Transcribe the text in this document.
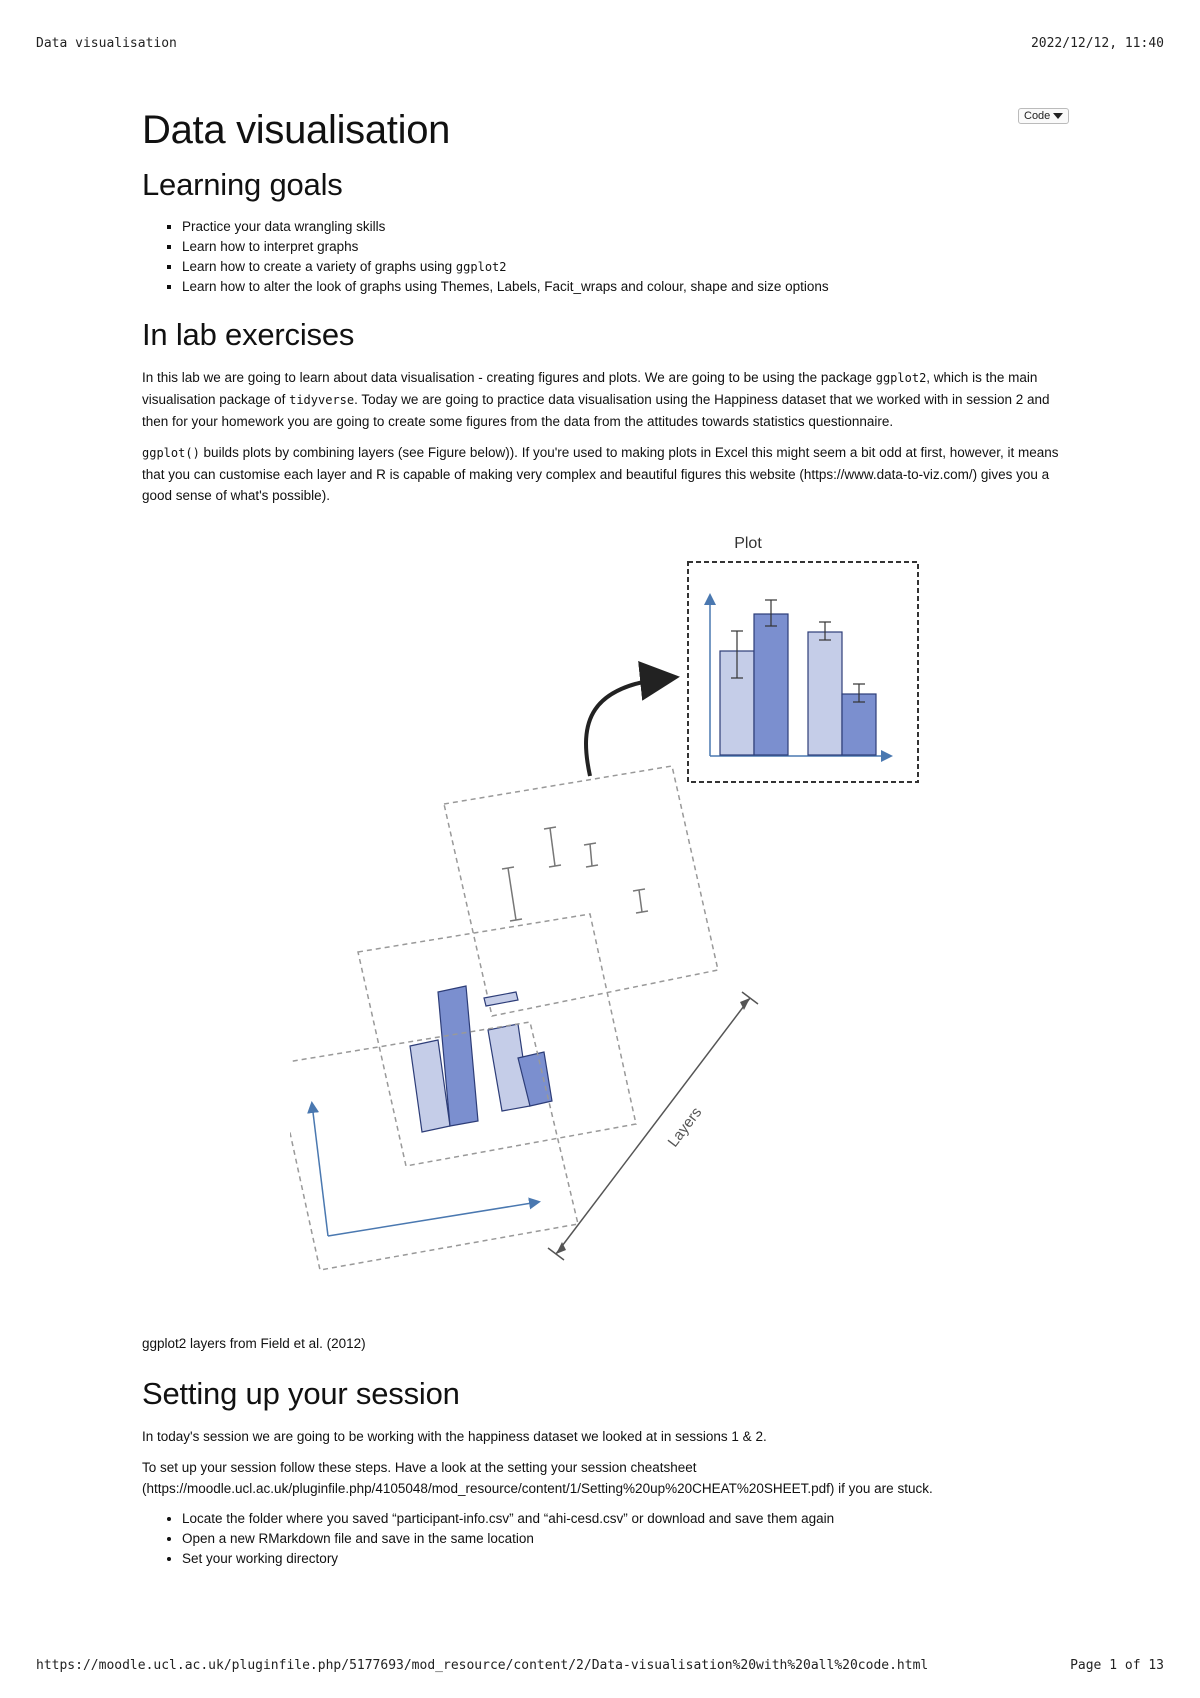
Data visualisation	2022/12/12, 11:40
Code
Data visualisation
Learning goals
▪ Practice your data wrangling skills
▪ Learn how to interpret graphs
▪ Learn how to create a variety of graphs using ggplot2
▪ Learn how to alter the look of graphs using Themes, Labels, Facit_wraps and colour, shape and size options
In lab exercises

In this lab we are going to learn about data visualisation - creating figures and plots. We are going to be using the package ggplot2, which is the main visualisation package of tidyverse. Today we are going to practice data visualisation using the Happiness dataset that we worked with in session 2 and then for your homework you are going to create some figures from the data from the attitudes towards statistics questionnaire.

ggplot() builds plots by combining layers (see Figure below)). If you're used to making plots in Excel this might seem a bit odd at first, however, it means that you can customise each layer and R is capable of making very complex and beautiful figures this website (https://www.data-to-viz.com/) gives you a good sense of what's possible).

Plot
Layers
ggplot2 layers from Field et al. (2012)
Setting up your session

In today's session we are going to be working with the happiness dataset we looked at in sessions 1 & 2.

To set up your session follow these steps. Have a look at the setting your session cheatsheet (https://moodle.ucl.ac.uk/pluginfile.php/4105048/mod_resource/content/1/Setting%20up%20CHEAT%20SHEET.pdf) if you are stuck.

• Locate the folder where you saved “participant-info.csv” and “ahi-cesd.csv” or download and save them again
• Open a new RMarkdown file and save in the same location
• Set your working directory
https://moodle.ucl.ac.uk/pluginfile.php/5177693/mod_resource/content/2/Data-visualisation%20with%20all%20code.html	Page 1 of 13
